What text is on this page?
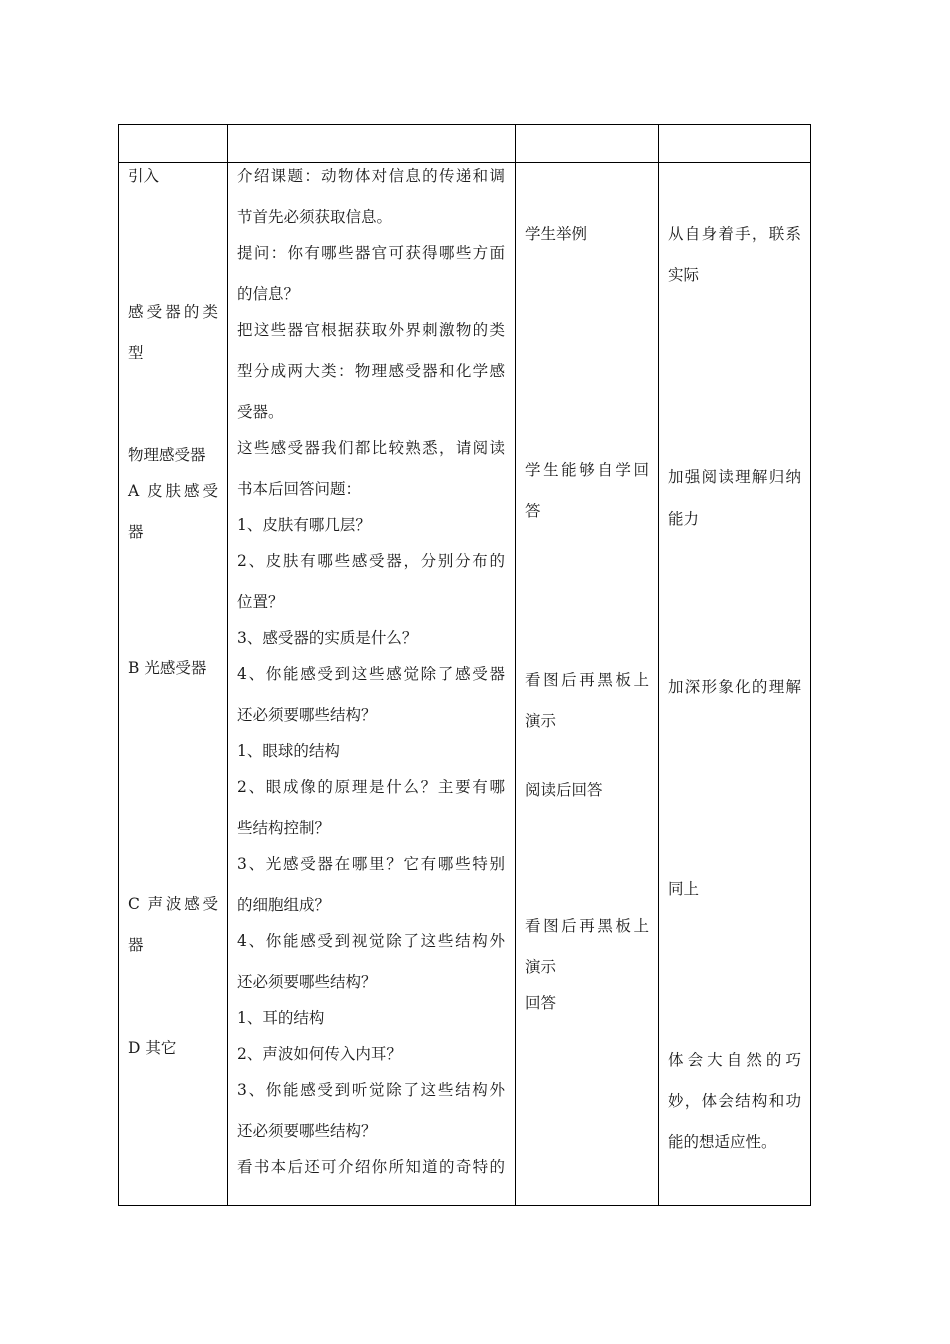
引入
感受器的类
型
物理感受器
A 皮肤感受
器
B 光感受器
C 声波感受
器
D 其它
介绍课题：动物体对信息的传递和调
节首先必须获取信息。
提问：你有哪些器官可获得哪些方面
的信息？
把这些器官根据获取外界刺激物的类
型分成两大类：物理感受器和化学感
受器。
这些感受器我们都比较熟悉，请阅读
书本后回答问题：
1、皮肤有哪几层？
2、皮肤有哪些感受器，分别分布的
位置？
3、感受器的实质是什么？
4、你能感受到这些感觉除了感受器
还必须要哪些结构？
1、眼球的结构
2、眼成像的原理是什么？主要有哪
些结构控制？
3、光感受器在哪里？它有哪些特别
的细胞组成？
4、你能感受到视觉除了这些结构外
还必须要哪些结构？
1、耳的结构
2、声波如何传入内耳？
3、你能感受到听觉除了这些结构外
还必须要哪些结构？
看书本后还可介绍你所知道的奇特的
学生举例
学生能够自学回
答
看图后再黑板上
演示
阅读后回答
看图后再黑板上
演示
回答
从自身着手，联系
实际
加强阅读理解归纳
能力
加深形象化的理解
同上
体会大自然的巧
妙，体会结构和功
能的想适应性。
